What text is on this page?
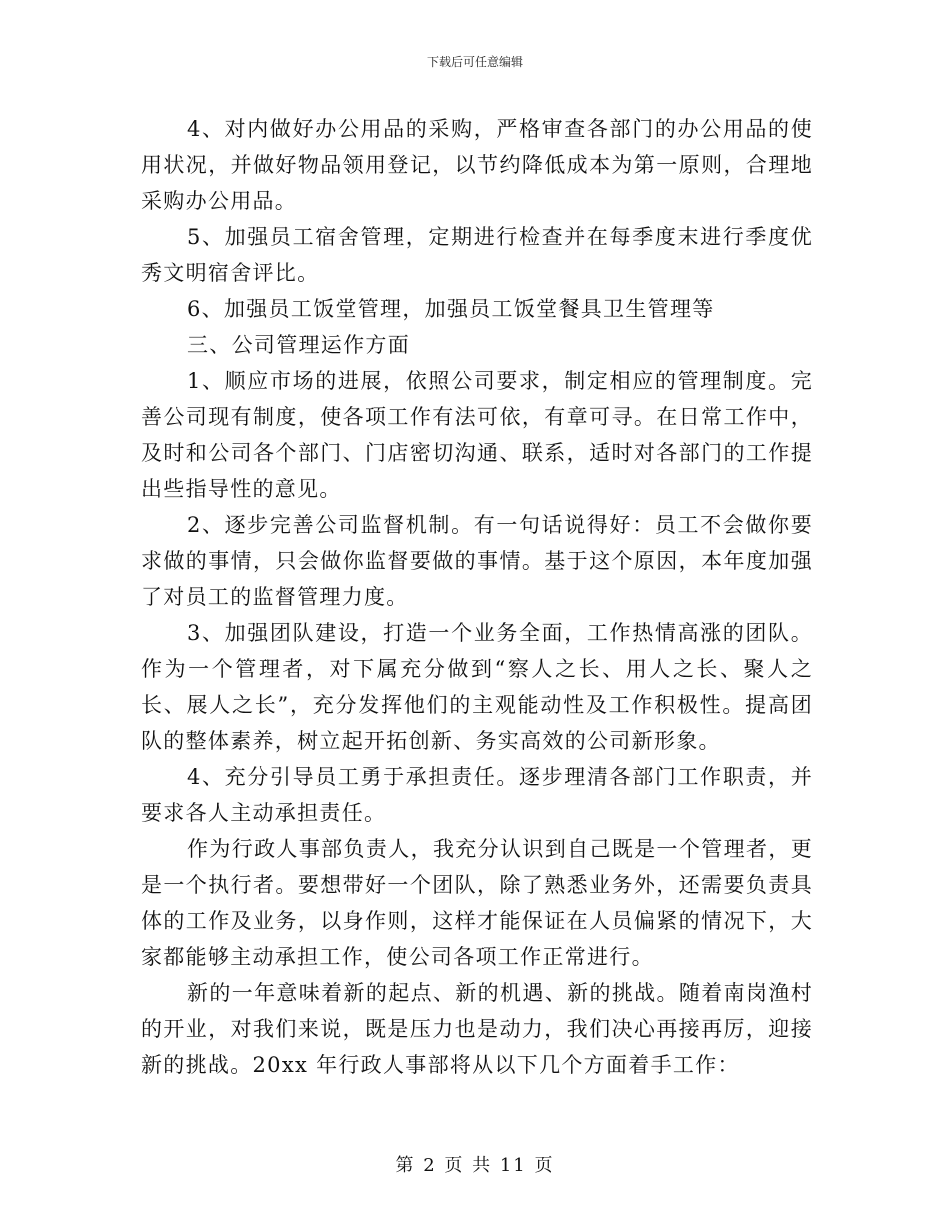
下载后可任意编辑

4、对内做好办公用品的采购，严格审查各部门的办公用品的使用状况，并做好物品领用登记，以节约降低成本为第一原则，合理地采购办公用品。

5、加强员工宿舍管理，定期进行检查并在每季度末进行季度优秀文明宿舍评比。

6、加强员工饭堂管理，加强员工饭堂餐具卫生管理等

三、公司管理运作方面

1、顺应市场的进展，依照公司要求，制定相应的管理制度。完善公司现有制度，使各项工作有法可依，有章可寻。在日常工作中，及时和公司各个部门、门店密切沟通、联系，适时对各部门的工作提出些指导性的意见。

2、逐步完善公司监督机制。有一句话说得好：员工不会做你要求做的事情，只会做你监督要做的事情。基于这个原因，本年度加强了对员工的监督管理力度。

3、加强团队建设，打造一个业务全面，工作热情高涨的团队。作为一个管理者，对下属充分做到“察人之长、用人之长、聚人之长、展人之长”，充分发挥他们的主观能动性及工作积极性。提高团队的整体素养，树立起开拓创新、务实高效的公司新形象。

4、充分引导员工勇于承担责任。逐步理清各部门工作职责，并要求各人主动承担责任。

作为行政人事部负责人，我充分认识到自己既是一个管理者，更是一个执行者。要想带好一个团队，除了熟悉业务外，还需要负责具体的工作及业务，以身作则，这样才能保证在人员偏紧的情况下，大家都能够主动承担工作，使公司各项工作正常进行。

新的一年意味着新的起点、新的机遇、新的挑战。随着南岗渔村的开业，对我们来说，既是压力也是动力，我们决心再接再厉，迎接新的挑战。20xx 年行政人事部将从以下几个方面着手工作：

第 2 页 共 11 页
